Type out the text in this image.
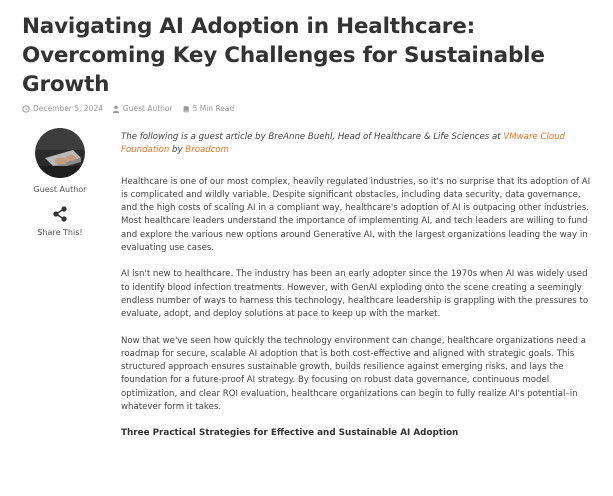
Navigating AI Adoption in Healthcare: Overcoming Key Challenges for Sustainable Growth
December 5, 2024	Guest Author	5 Min Read
Guest Author
Share This!

The following is a guest article by BreAnne Buehl, Head of Healthcare & Life Sciences at VMware Cloud Foundation by Broadcom

Healthcare is one of our most complex, heavily regulated industries, so it's no surprise that its adoption of AI is complicated and wildly variable. Despite significant obstacles, including data security, data governance, and the high costs of scaling AI in a compliant way, healthcare's adoption of AI is outpacing other industries. Most healthcare leaders understand the importance of implementing AI, and tech leaders are willing to fund and explore the various new options around Generative AI, with the largest organizations leading the way in evaluating use cases.

AI isn't new to healthcare. The industry has been an early adopter since the 1970s when AI was widely used to identify blood infection treatments. However, with GenAI exploding onto the scene creating a seemingly endless number of ways to harness this technology, healthcare leadership is grappling with the pressures to evaluate, adopt, and deploy solutions at pace to keep up with the market.

Now that we've seen how quickly the technology environment can change, healthcare organizations need a roadmap for secure, scalable AI adoption that is both cost-effective and aligned with strategic goals. This structured approach ensures sustainable growth, builds resilience against emerging risks, and lays the foundation for a future-proof AI strategy. By focusing on robust data governance, continuous model optimization, and clear ROI evaluation, healthcare organizations can begin to fully realize AI's potential–in whatever form it takes.

Three Practical Strategies for Effective and Sustainable AI Adoption
